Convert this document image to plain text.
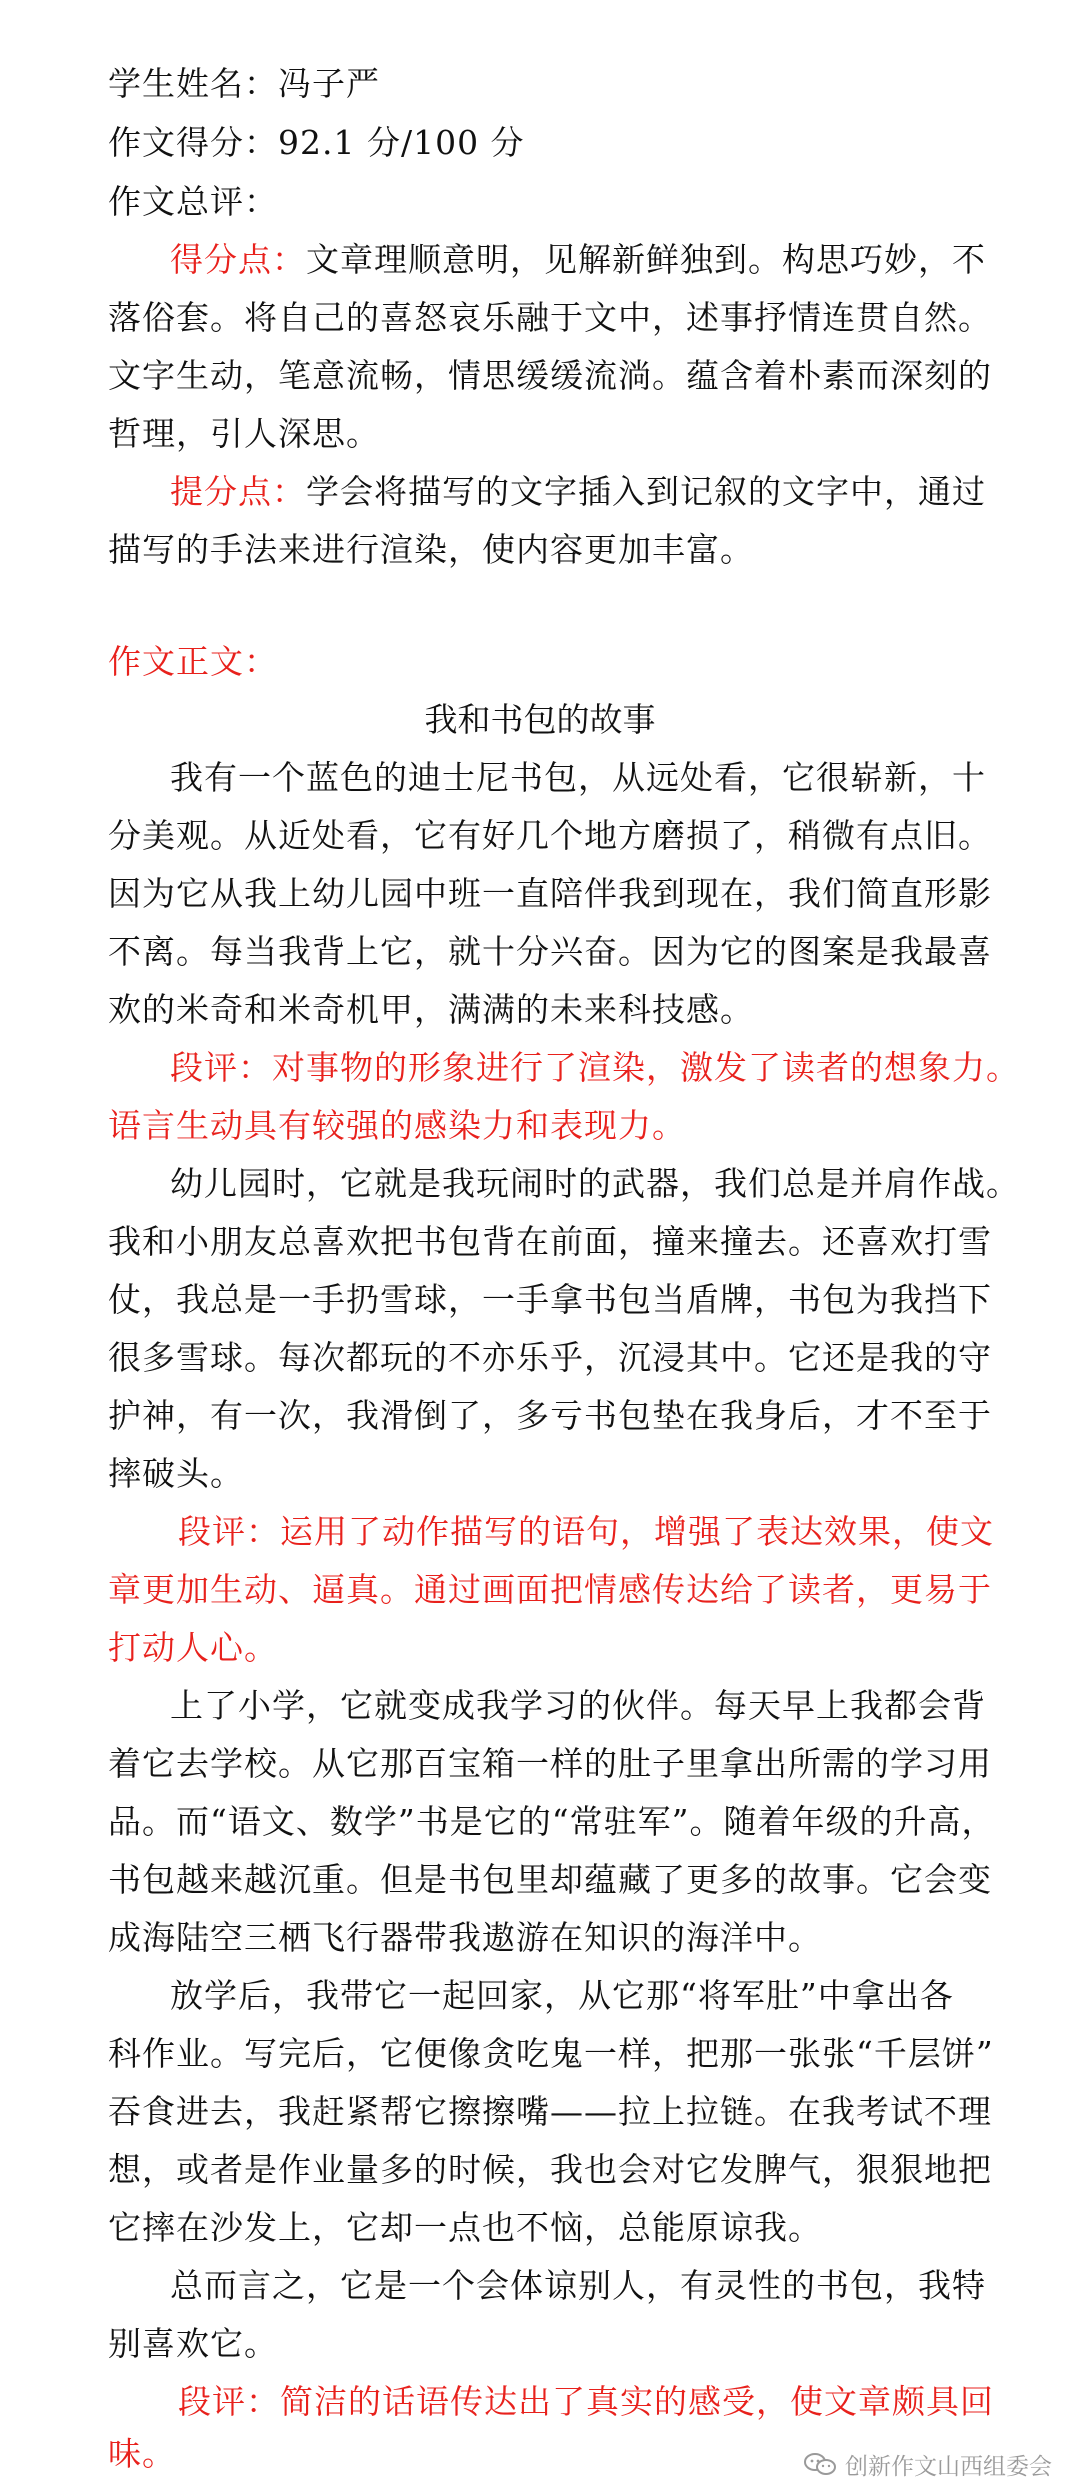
学生姓名：冯子严
作文得分：92.1 分/100 分
作文总评：
得分点：文章理顺意明，见解新鲜独到。构思巧妙，不
落俗套。将自己的喜怒哀乐融于文中，述事抒情连贯自然。
文字生动，笔意流畅，情思缓缓流淌。蕴含着朴素而深刻的
哲理，引人深思。
提分点：学会将描写的文字插入到记叙的文字中，通过
描写的手法来进行渲染，使内容更加丰富。
作文正文：
我和书包的故事
我有一个蓝色的迪士尼书包，从远处看，它很崭新，十
分美观。从近处看，它有好几个地方磨损了，稍微有点旧。
因为它从我上幼儿园中班一直陪伴我到现在，我们简直形影
不离。每当我背上它，就十分兴奋。因为它的图案是我最喜
欢的米奇和米奇机甲，满满的未来科技感。
段评：对事物的形象进行了渲染，激发了读者的想象力。
语言生动具有较强的感染力和表现力。
幼儿园时，它就是我玩闹时的武器，我们总是并肩作战。
我和小朋友总喜欢把书包背在前面，撞来撞去。还喜欢打雪
仗，我总是一手扔雪球，一手拿书包当盾牌，书包为我挡下
很多雪球。每次都玩的不亦乐乎，沉浸其中。它还是我的守
护神，有一次，我滑倒了，多亏书包垫在我身后，才不至于
摔破头。
段评：运用了动作描写的语句，增强了表达效果，使文
章更加生动、逼真。通过画面把情感传达给了读者，更易于
打动人心。
上了小学，它就变成我学习的伙伴。每天早上我都会背
着它去学校。从它那百宝箱一样的肚子里拿出所需的学习用
品。而“语文、数学”书是它的“常驻军”。随着年级的升高，
书包越来越沉重。但是书包里却蕴藏了更多的故事。它会变
成海陆空三栖飞行器带我遨游在知识的海洋中。
放学后，我带它一起回家，从它那“将军肚”中拿出各
科作业。写完后，它便像贪吃鬼一样，把那一张张“千层饼”
吞食进去，我赶紧帮它擦擦嘴——拉上拉链。在我考试不理
想，或者是作业量多的时候，我也会对它发脾气，狠狠地把
它摔在沙发上，它却一点也不恼，总能原谅我。
总而言之，它是一个会体谅别人，有灵性的书包，我特
别喜欢它。
段评：简洁的话语传达出了真实的感受，使文章颇具回
味。	创新作文山西组委会
